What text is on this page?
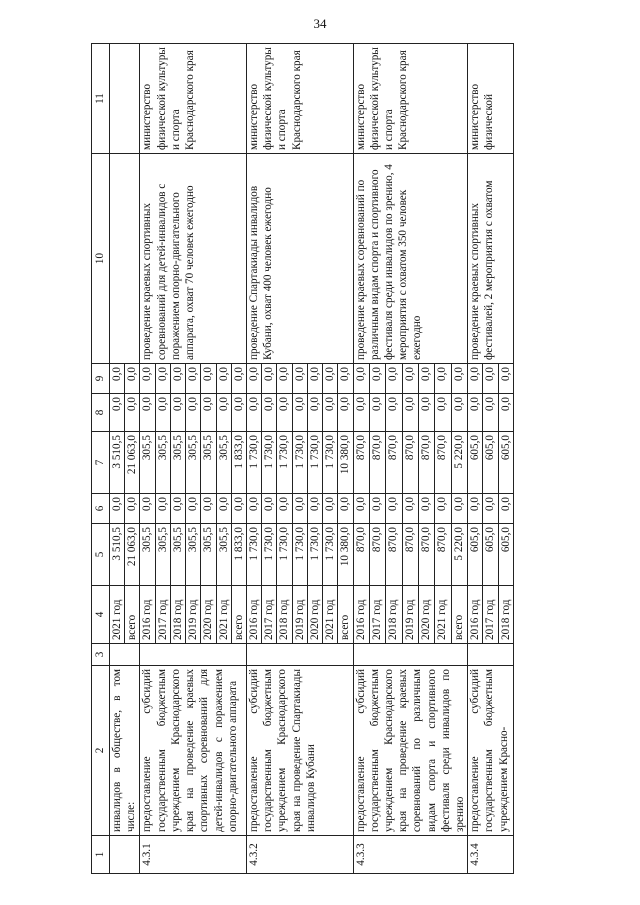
34
1	2	3	4	5	6	7	8	9	10	11
	инвалидов в обществе, в том числе:		2021 год	3 510,5	0,0	3 510,5	0,0	0,0		
			всего	21 063,0	0,0	21 063,0	0,0	0,0		
4.3.1	предоставление субсидий государственным бюджетным учреждением Краснодарского края на проведение краевых спортивных соревнований для детей-инвалидов с поражением опорно-двигательного аппарата		2016 год	305,5	0,0	305,5	0,0	0,0	проведение краевых спортивных соревнований для детей-инвалидов с поражением опорно-двигательного аппарата, охват 70 человек ежегодно	министерство физической культуры и спорта Краснодарского края
			2017 год	305,5	0,0	305,5	0,0	0,0		
			2018 год	305,5	0,0	305,5	0,0	0,0		
			2019 год	305,5	0,0	305,5	0,0	0,0		
			2020 год	305,5	0,0	305,5	0,0	0,0		
			2021 год	305,5	0,0	305,5	0,0	0,0		
			всего	1 833,0	0,0	1 833,0	0,0	0,0		
4.3.2	предоставление субсидий государственным бюджетным учреждением Краснодарского края на проведение Спартакиады инвалидов Кубани		2016 год	1 730,0	0,0	1 730,0	0,0	0,0	проведение Спартакиады инвалидов Кубани, охват 400 человек ежегодно	министерство физической культуры и спорта Краснодарского края
			2017 год	1 730,0	0,0	1 730,0	0,0	0,0		
			2018 год	1 730,0	0,0	1 730,0	0,0	0,0		
			2019 год	1 730,0	0,0	1 730,0	0,0	0,0		
			2020 год	1 730,0	0,0	1 730,0	0,0	0,0		
			2021 год	1 730,0	0,0	1 730,0	0,0	0,0		
			всего	10 380,0	0,0	10 380,0	0,0	0,0		
4.3.3	предоставление субсидий государственным бюджетным учреждением Краснодарского края на проведение краевых соревнований по различным видам спорта и спортивного фестиваля среди инвалидов по зрению		2016 год	870,0	0,0	870,0	0,0	0,0	проведение краевых соревнований по различным видам спорта и спортивного фестиваля среди инвалидов по зрению, 4 мероприятия с охватом 350 человек ежегодно	министерство физической культуры и спорта Краснодарского края
			2017 год	870,0	0,0	870,0	0,0	0,0		
			2018 год	870,0	0,0	870,0	0,0	0,0		
			2019 год	870,0	0,0	870,0	0,0	0,0		
			2020 год	870,0	0,0	870,0	0,0	0,0		
			2021 год	870,0	0,0	870,0	0,0	0,0		
			всего	5 220,0	0,0	5 220,0	0,0	0,0		
4.3.4	предоставление субсидий государственным бюджетным учреждением Красно-		2016 год	605,0	0,0	605,0	0,0	0,0	проведение краевых спортивных фестивалей, 2 мероприятия с охватом	министерство физической
			2017 год	605,0	0,0	605,0	0,0	0,0		
			2018 год	605,0	0,0	605,0	0,0	0,0		
